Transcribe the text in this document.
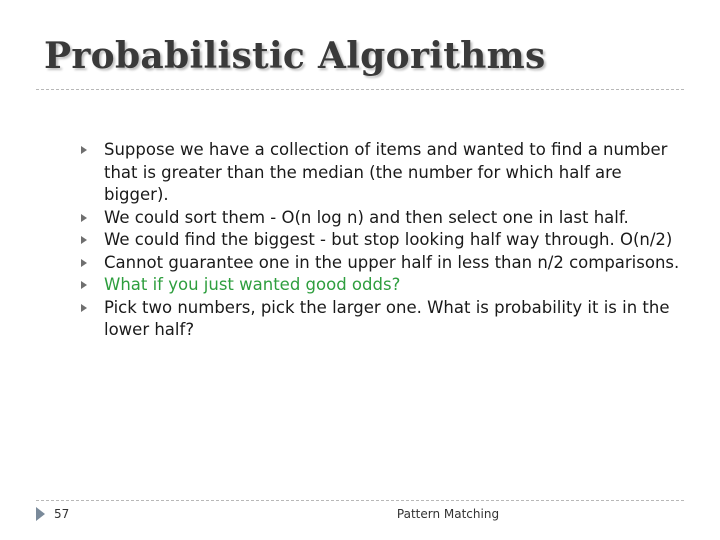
Probabilistic Algorithms
Suppose we have a collection of items and wanted to find a number that is greater than the median (the number for which half are bigger).
We could sort them - O(n log n) and then select one in last half.
We could find the biggest - but stop looking half way through. O(n/2)
Cannot guarantee one in the upper half in less than n/2 comparisons.
What if you just wanted good odds?
Pick two numbers, pick the larger one. What is probability it is in the lower half?
57	Pattern Matching
